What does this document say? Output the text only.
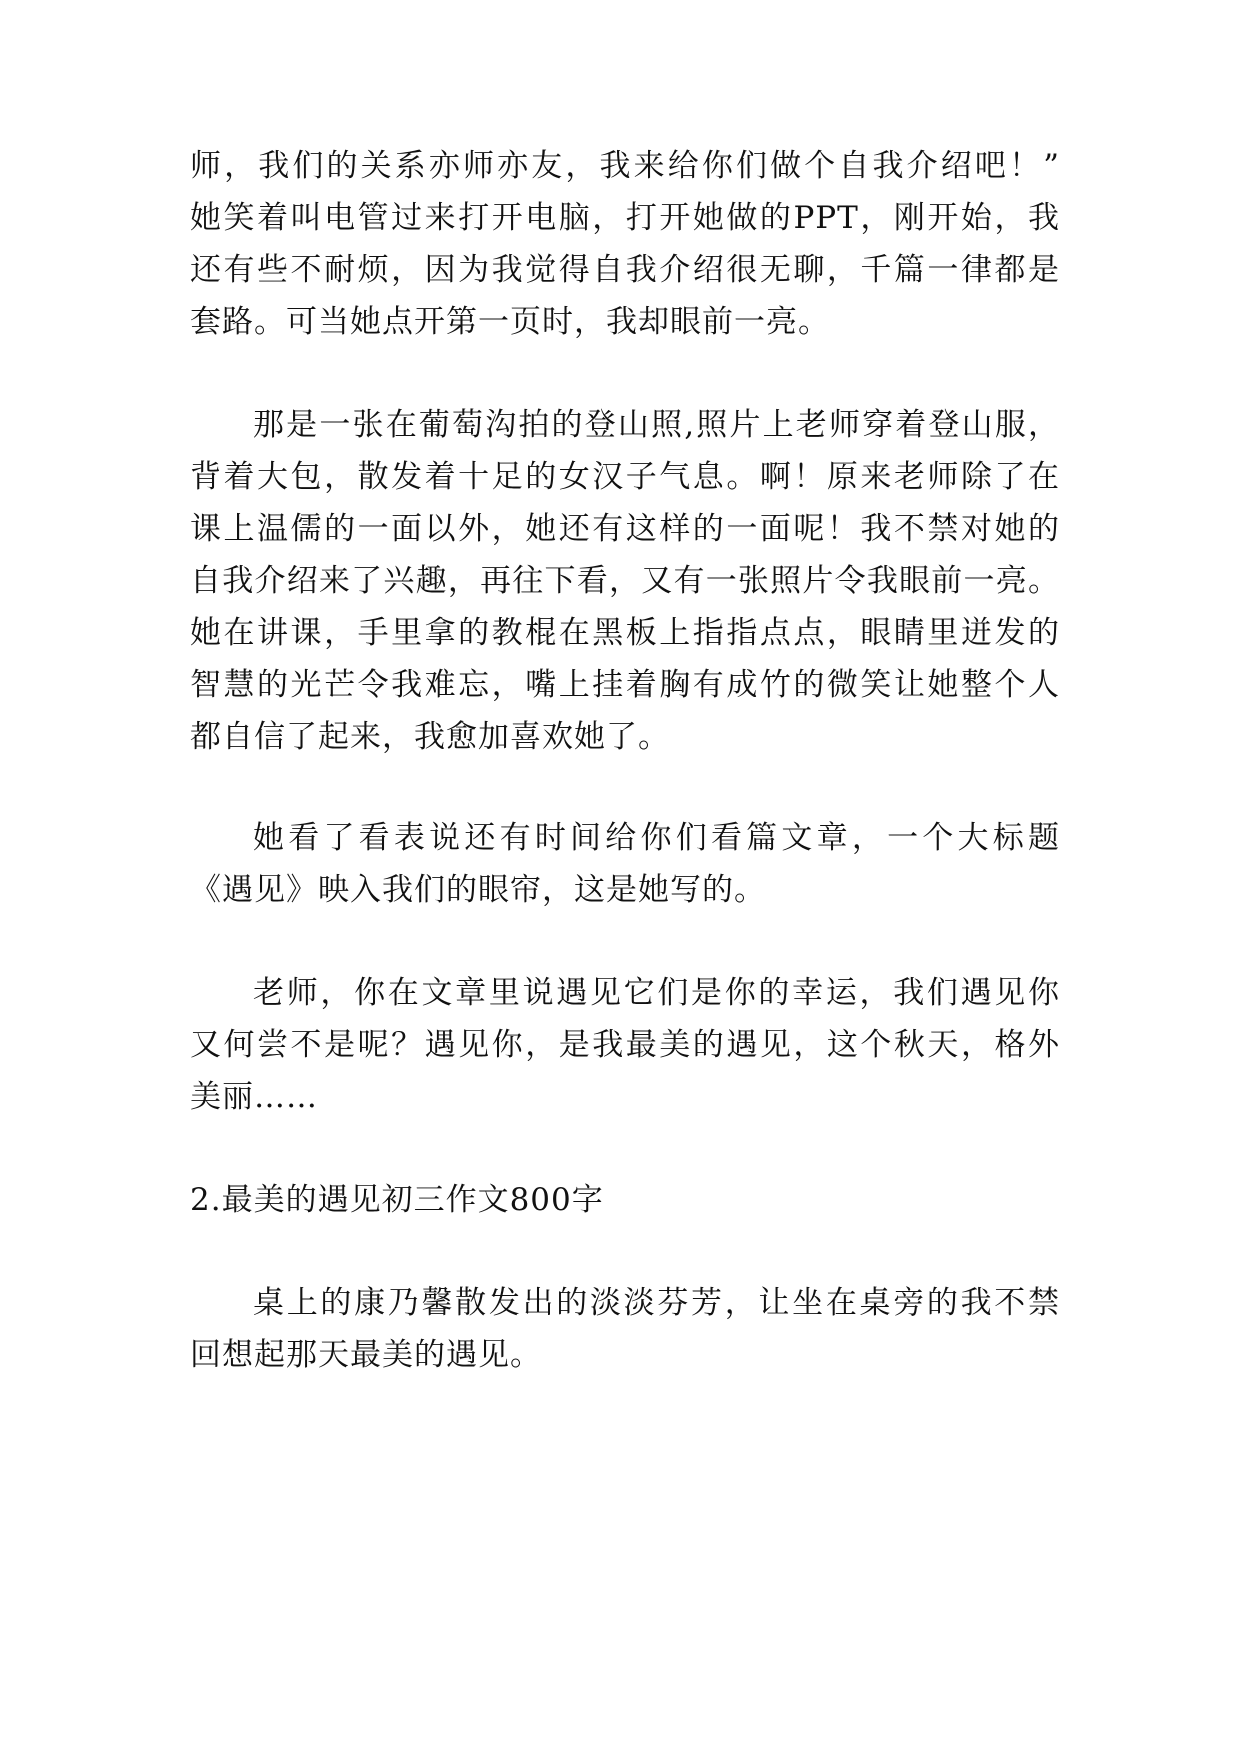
师，我们的关系亦师亦友，我来给你们做个自我介绍吧！”
她笑着叫电管过来打开电脑，打开她做的PPT，刚开始，我
还有些不耐烦，因为我觉得自我介绍很无聊，千篇一律都是
套路。可当她点开第一页时，我却眼前一亮。
那是一张在葡萄沟拍的登山照,照片上老师穿着登山服，
背着大包，散发着十足的女汉子气息。啊！原来老师除了在
课上温儒的一面以外，她还有这样的一面呢！我不禁对她的
自我介绍来了兴趣，再往下看，又有一张照片令我眼前一亮。
她在讲课，手里拿的教棍在黑板上指指点点，眼睛里迸发的
智慧的光芒令我难忘，嘴上挂着胸有成竹的微笑让她整个人
都自信了起来，我愈加喜欢她了。
她看了看表说还有时间给你们看篇文章，一个大标题
《遇见》映入我们的眼帘，这是她写的。
老师，你在文章里说遇见它们是你的幸运，我们遇见你
又何尝不是呢？遇见你，是我最美的遇见，这个秋天，格外
美丽……
2.最美的遇见初三作文800字
桌上的康乃馨散发出的淡淡芬芳，让坐在桌旁的我不禁
回想起那天最美的遇见。
